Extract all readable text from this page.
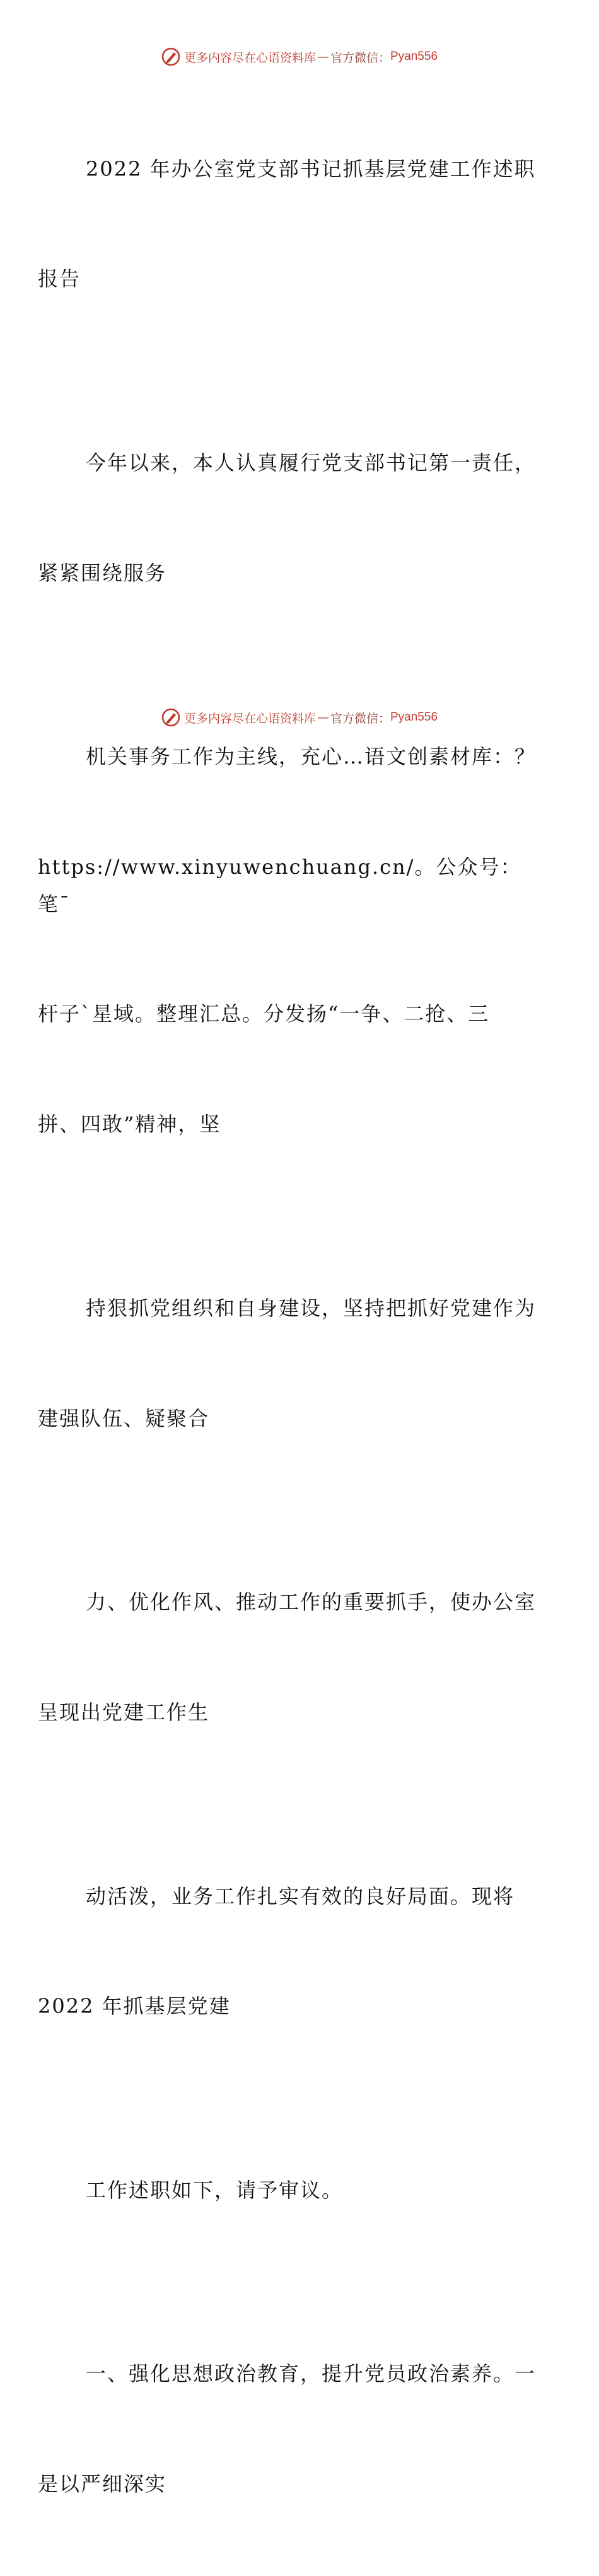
更多内容尽在心语资料库 — 官方微信： Pyan556

2022 年办公室党支部书记抓基层党建工作述职

报告

今年以来，本人认真履行党支部书记第一责任，

紧紧围绕服务

机关事务工作为主线，充心…语文创素材库：？

https://www.xinyuwenchuang.cn/。公众号：笔¯

杆子`星域。整理汇总。分发扬“一争、二抢、三

拼、四敢”精神，坚

持狠抓党组织和自身建设，坚持把抓好党建作为

建强队伍、疑聚合

力、优化作风、推动工作的重要抓手，使办公室

呈现出党建工作生

动活泼，业务工作扎实有效的良好局面。现将

2022 年抓基层党建

工作述职如下，请予审议。

一、强化思想政治教育，提升党员政治素养。一

是以严细深实

更多内容尽在心语资料库 — 官方微信： Pyan556
